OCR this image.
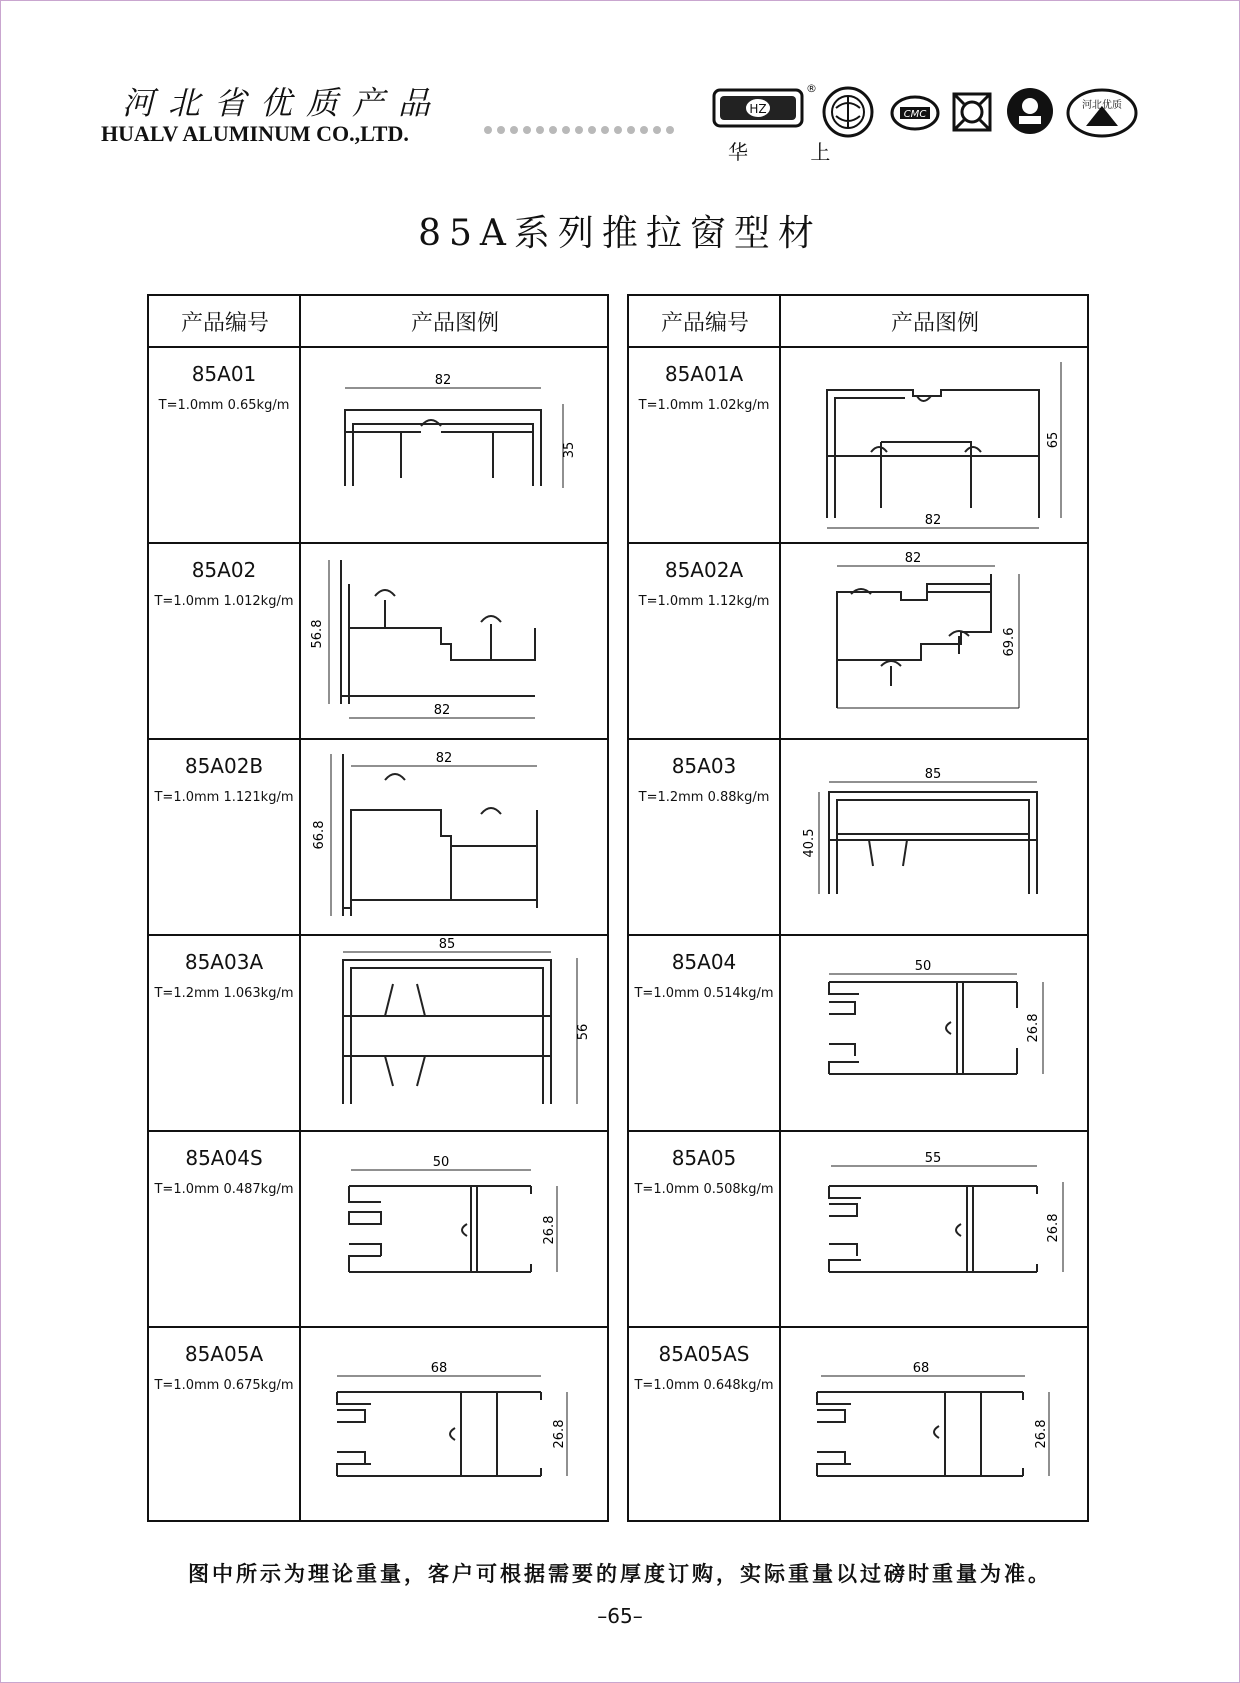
河北省优质产品
HUALV ALUMINUM CO.,LTD.
HZ
®
华 上
CMC
河北优质
85A系列推拉窗型材
产品编号	产品图例
85A01
T=1.0mm 0.65kg/m
82
35
85A02
T=1.0mm 1.012kg/m
56.8
82
85A02B
T=1.0mm 1.121kg/m
82
66.8
85A03A
T=1.2mm 1.063kg/m
85
56
85A04S
T=1.0mm 0.487kg/m
50
26.8
85A05A
T=1.0mm 0.675kg/m
68
26.8
产品编号	产品图例
85A01A
T=1.0mm 1.02kg/m
82
65
85A02A
T=1.0mm 1.12kg/m
82
69.6
85A03
T=1.2mm 0.88kg/m
85
40.5
85A04
T=1.0mm 0.514kg/m
50
26.8
85A05
T=1.0mm 0.508kg/m
55
26.8
85A05AS
T=1.0mm 0.648kg/m
68
26.8
图中所示为理论重量，客户可根据需要的厚度订购，实际重量以过磅时重量为准。
–65–
